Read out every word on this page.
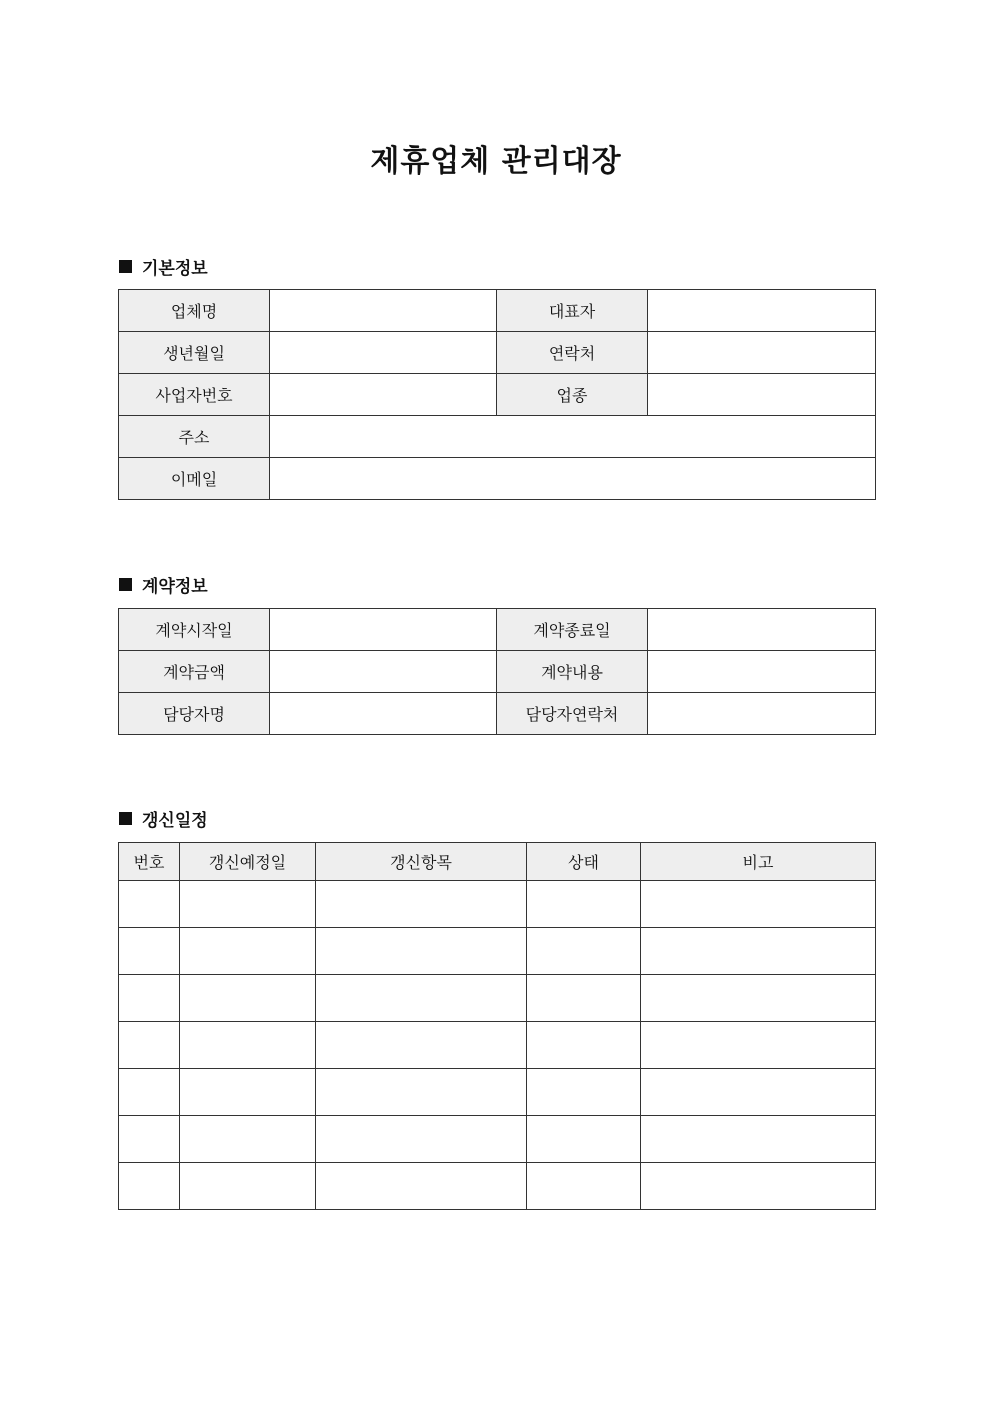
제휴업체 관리대장
기본정보
업체명		대표자	
생년월일		연락처	
사업자번호		업종	
주소			
이메일			
계약정보
계약시작일		계약종료일	
계약금액		계약내용	
담당자명		담당자연락처	
갱신일정
번호	갱신예정일	갱신항목	상태	비고
